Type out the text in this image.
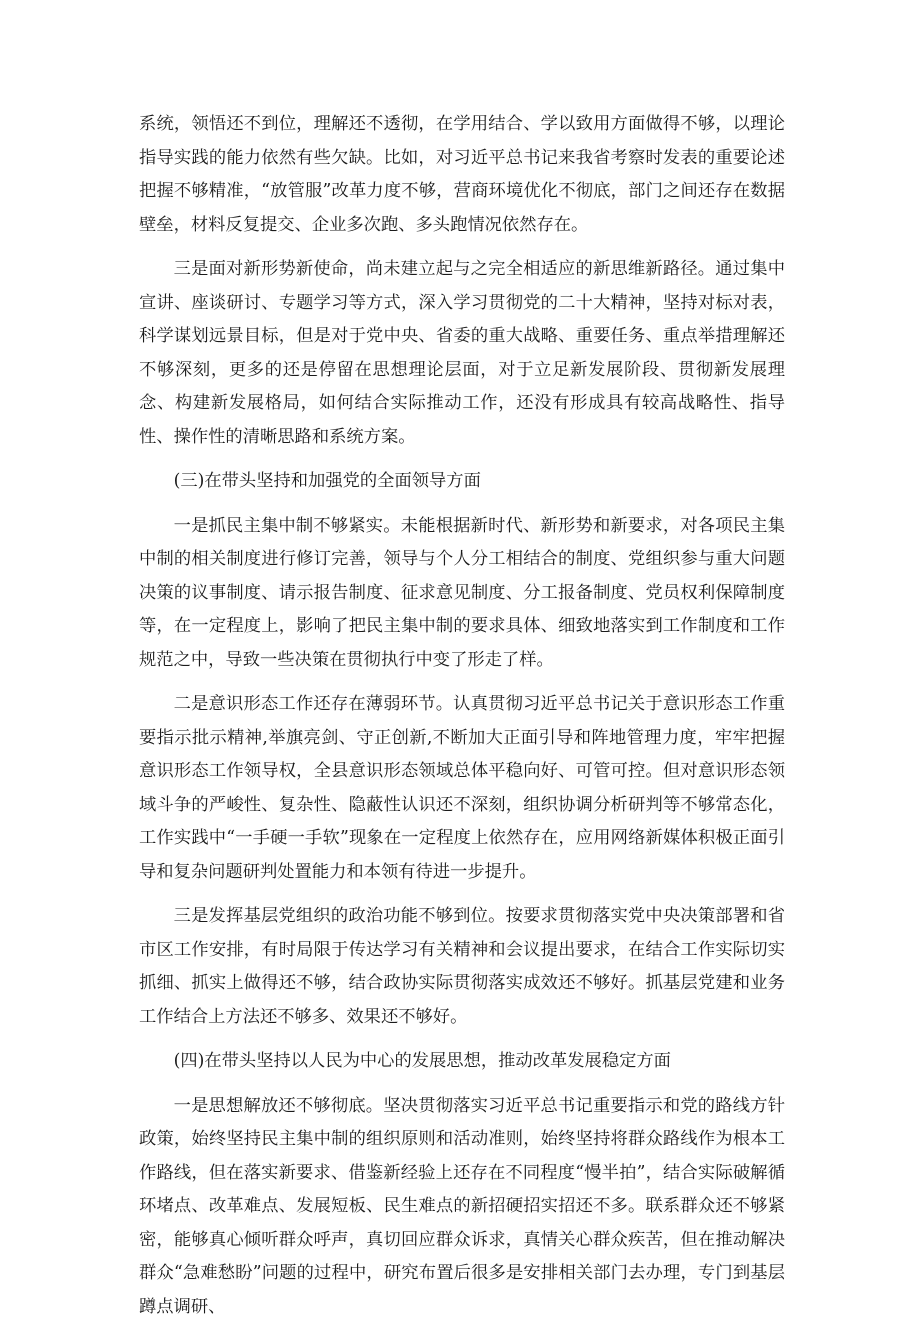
系统，领悟还不到位，理解还不透彻，在学用结合、学以致用方面做得不够，以理论指导实践的能力依然有些欠缺。比如，对习近平总书记来我省考察时发表的重要论述把握不够精准，“放管服”改革力度不够，营商环境优化不彻底，部门之间还存在数据壁垒，材料反复提交、企业多次跑、多头跑情况依然存在。

三是面对新形势新使命，尚未建立起与之完全相适应的新思维新路径。通过集中宣讲、座谈研讨、专题学习等方式，深入学习贯彻党的二十大精神，坚持对标对表，科学谋划远景目标，但是对于党中央、省委的重大战略、重要任务、重点举措理解还不够深刻，更多的还是停留在思想理论层面，对于立足新发展阶段、贯彻新发展理念、构建新发展格局，如何结合实际推动工作，还没有形成具有较高战略性、指导性、操作性的清晰思路和系统方案。

(三)在带头坚持和加强党的全面领导方面

一是抓民主集中制不够紧实。未能根据新时代、新形势和新要求，对各项民主集中制的相关制度进行修订完善，领导与个人分工相结合的制度、党组织参与重大问题决策的议事制度、请示报告制度、征求意见制度、分工报备制度、党员权利保障制度等，在一定程度上，影响了把民主集中制的要求具体、细致地落实到工作制度和工作规范之中，导致一些决策在贯彻执行中变了形走了样。

二是意识形态工作还存在薄弱环节。认真贯彻习近平总书记关于意识形态工作重要指示批示精神,举旗亮剑、守正创新,不断加大正面引导和阵地管理力度，牢牢把握意识形态工作领导权，全县意识形态领域总体平稳向好、可管可控。但对意识形态领域斗争的严峻性、复杂性、隐蔽性认识还不深刻，组织协调分析研判等不够常态化，工作实践中“一手硬一手软”现象在一定程度上依然存在，应用网络新媒体积极正面引导和复杂问题研判处置能力和本领有待进一步提升。

三是发挥基层党组织的政治功能不够到位。按要求贯彻落实党中央决策部署和省市区工作安排，有时局限于传达学习有关精神和会议提出要求，在结合工作实际切实抓细、抓实上做得还不够，结合政协实际贯彻落实成效还不够好。抓基层党建和业务工作结合上方法还不够多、效果还不够好。

(四)在带头坚持以人民为中心的发展思想，推动改革发展稳定方面

一是思想解放还不够彻底。坚决贯彻落实习近平总书记重要指示和党的路线方针政策，始终坚持民主集中制的组织原则和活动准则，始终坚持将群众路线作为根本工作路线，但在落实新要求、借鉴新经验上还存在不同程度“慢半拍”，结合实际破解循环堵点、改革难点、发展短板、民生难点的新招硬招实招还不多。联系群众还不够紧密，能够真心倾听群众呼声，真切回应群众诉求，真情关心群众疾苦，但在推动解决群众“急难愁盼”问题的过程中，研究布置后很多是安排相关部门去办理，专门到基层蹲点调研、
